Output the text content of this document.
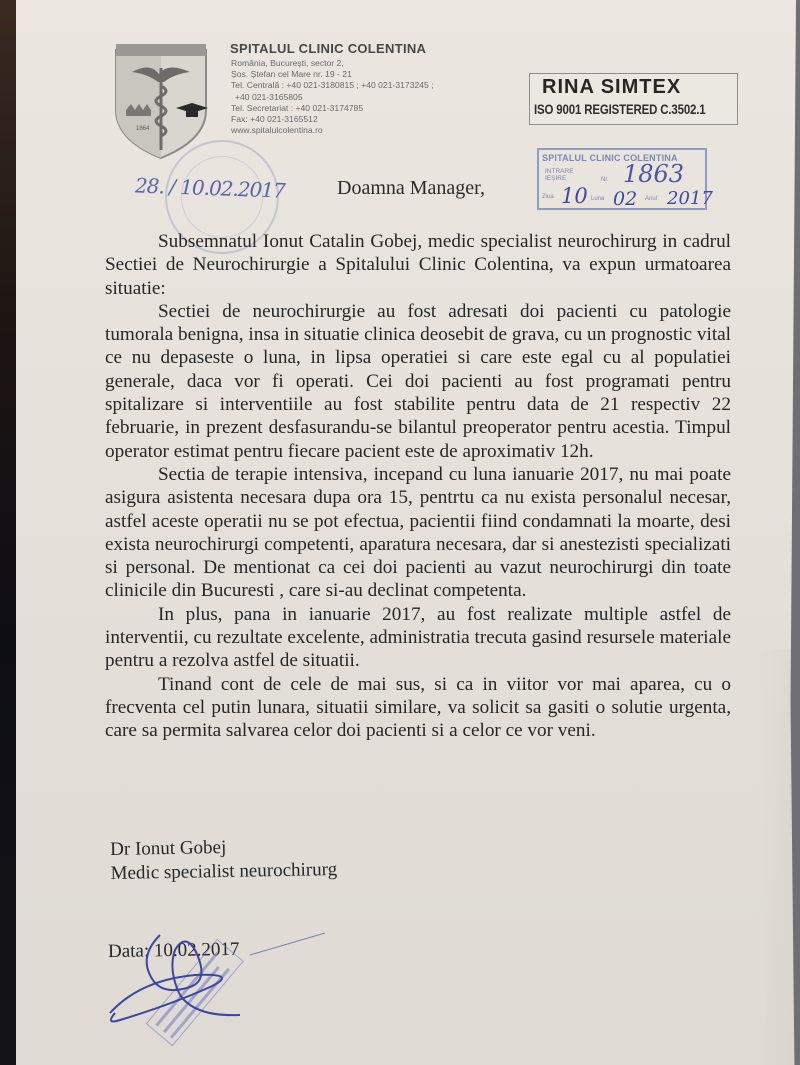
1864
SPITALUL CLINIC COLENTINA
România, București, sector 2,
Șos. Ștefan cel Mare nr. 19 - 21
Tel. Centrală : +40 021-3180815 ; +40 021-3173245 ;
+40 021-3165805
Tel. Secretariat : +40 021-3174785
Fax: +40 021-3165512
www.spitalulcolentina.ro
RINA SIMTEX
ISO 9001 REGISTERED C.3502.1
SPITALUL CLINIC COLENTINA
INTRARE IEȘIRE	Nr. 1863
Ziua 10 Luna 02 Anul 2017
28. / 10.02.2017	Doamna Manager,

Subsemnatul Ionut Catalin Gobej, medic specialist neurochirurg in cadrul Sectiei de Neurochirurgie a Spitalului Clinic Colentina, va expun urmatoarea situatie:

Sectiei de neurochirurgie au fost adresati doi pacienti cu patologie tumorala benigna, insa in situatie clinica deosebit de grava, cu un prognostic vital ce nu depaseste o luna, in lipsa operatiei si care este egal cu al populatiei generale, daca vor fi operati. Cei doi pacienti au fost programati pentru spitalizare si interventiile au fost stabilite pentru data de 21 respectiv 22 februarie, in prezent desfasurandu-se bilantul preoperator pentru acestia. Timpul operator estimat pentru fiecare pacient este de aproximativ 12h.

Sectia de terapie intensiva, incepand cu luna ianuarie 2017, nu mai poate asigura asistenta necesara dupa ora 15, pentrtu ca nu exista personalul necesar, astfel aceste operatii nu se pot efectua, pacientii fiind condamnati la moarte, desi exista neurochirurgi competenti, aparatura necesara, dar si anestezisti specializati si personal. De mentionat ca cei doi pacienti au vazut neurochirurgi din toate clinicile din Bucuresti , care si-au declinat competenta.

In plus, pana in ianuarie 2017, au fost realizate multiple astfel de interventii, cu rezultate excelente, administratia trecuta gasind resursele materiale pentru a rezolva astfel de situatii.

Tinand cont de cele de mai sus, si ca in viitor vor mai aparea, cu o frecventa cel putin lunara, situatii similare, va solicit sa gasiti o solutie urgenta, care sa permita salvarea celor doi pacienti si a celor ce vor veni.

Dr Ionut Gobej
Medic specialist neurochirurg
Data: 10.02.2017
